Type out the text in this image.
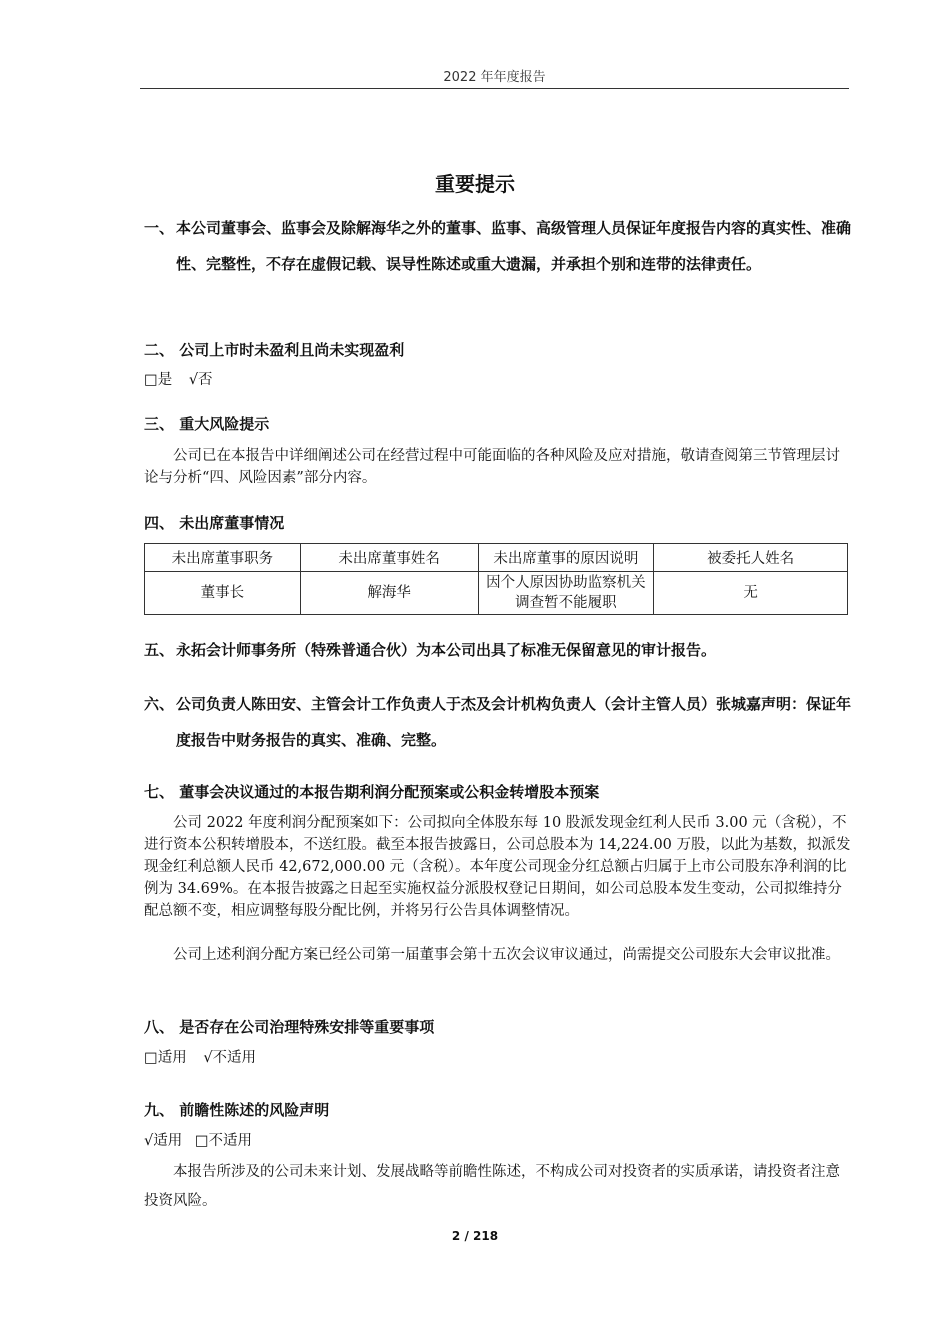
2022 年年度报告
重要提示
一、 本公司董事会、监事会及除解海华之外的董事、监事、高级管理人员保证年度报告内容的真实性、准确性、完整性，不存在虚假记载、误导性陈述或重大遗漏，并承担个别和连带的法律责任。
二、 公司上市时未盈利且尚未实现盈利
□是 √否
三、 重大风险提示
公司已在本报告中详细阐述公司在经营过程中可能面临的各种风险及应对措施，敬请查阅第三节管理层讨论与分析“四、风险因素”部分内容。
四、 未出席董事情况
未出席董事职务	未出席董事姓名	未出席董事的原因说明	被委托人姓名
董事长	解海华	因个人原因协助监察机关调查暂不能履职	无
五、 永拓会计师事务所（特殊普通合伙）为本公司出具了标准无保留意见的审计报告。
六、 公司负责人陈田安、主管会计工作负责人于杰及会计机构负责人（会计主管人员）张城嘉声明：保证年度报告中财务报告的真实、准确、完整。
七、 董事会决议通过的本报告期利润分配预案或公积金转增股本预案
公司 2022 年度利润分配预案如下：公司拟向全体股东每 10 股派发现金红利人民币 3.00 元（含税），不进行资本公积转增股本，不送红股。截至本报告披露日，公司总股本为 14,224.00 万股，以此为基数，拟派发现金红利总额人民币 42,672,000.00 元（含税）。本年度公司现金分红总额占归属于上市公司股东净利润的比例为 34.69%。在本报告披露之日起至实施权益分派股权登记日期间，如公司总股本发生变动，公司拟维持分配总额不变，相应调整每股分配比例，并将另行公告具体调整情况。
公司上述利润分配方案已经公司第一届董事会第十五次会议审议通过，尚需提交公司股东大会审议批准。
八、 是否存在公司治理特殊安排等重要事项
□适用 √不适用
九、 前瞻性陈述的风险声明
√适用 □不适用
本报告所涉及的公司未来计划、发展战略等前瞻性陈述，不构成公司对投资者的实质承诺，请投资者注意投资风险。
2 / 218
